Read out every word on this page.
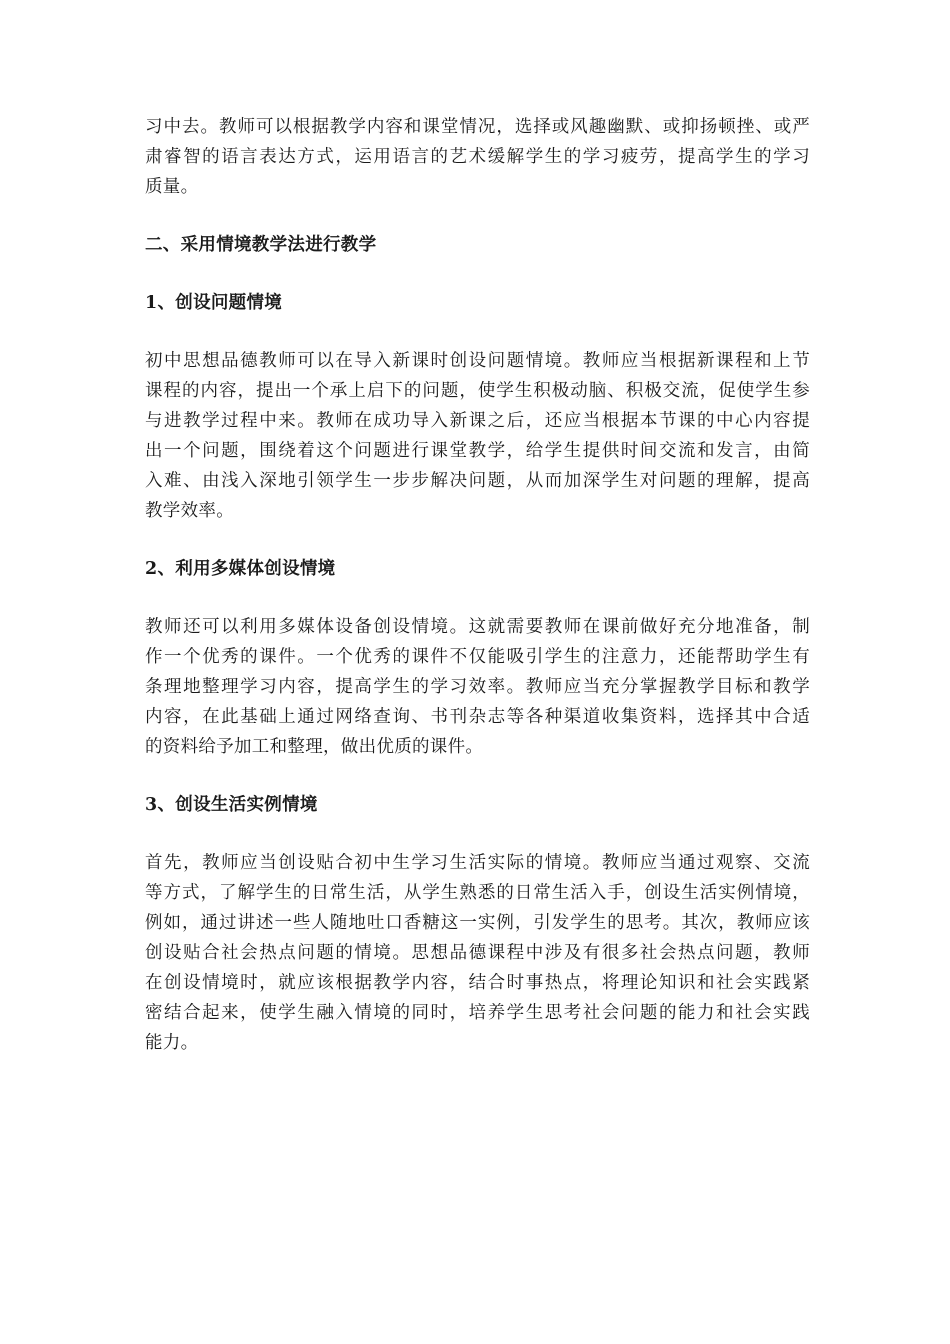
习中去。教师可以根据教学内容和课堂情况，选择或风趣幽默、或抑扬顿挫、或严
肃睿智的语言表达方式，运用语言的艺术缓解学生的学习疲劳，提高学生的学习
质量。

二、采用情境教学法进行教学
1、创设问题情境

初中思想品德教师可以在导入新课时创设问题情境。教师应当根据新课程和上节
课程的内容，提出一个承上启下的问题，使学生积极动脑、积极交流，促使学生参
与进教学过程中来。教师在成功导入新课之后，还应当根据本节课的中心内容提
出一个问题，围绕着这个问题进行课堂教学，给学生提供时间交流和发言，由简
入难、由浅入深地引领学生一步步解决问题，从而加深学生对问题的理解，提高
教学效率。

2、利用多媒体创设情境

教师还可以利用多媒体设备创设情境。这就需要教师在课前做好充分地准备，制
作一个优秀的课件。一个优秀的课件不仅能吸引学生的注意力，还能帮助学生有
条理地整理学习内容，提高学生的学习效率。教师应当充分掌握教学目标和教学
内容，在此基础上通过网络查询、书刊杂志等各种渠道收集资料，选择其中合适
的资料给予加工和整理，做出优质的课件。

3、创设生活实例情境

首先，教师应当创设贴合初中生学习生活实际的情境。教师应当通过观察、交流
等方式，了解学生的日常生活，从学生熟悉的日常生活入手，创设生活实例情境，
例如，通过讲述一些人随地吐口香糖这一实例，引发学生的思考。其次，教师应该
创设贴合社会热点问题的情境。思想品德课程中涉及有很多社会热点问题，教师
在创设情境时，就应该根据教学内容，结合时事热点，将理论知识和社会实践紧
密结合起来，使学生融入情境的同时，培养学生思考社会问题的能力和社会实践
能力。
